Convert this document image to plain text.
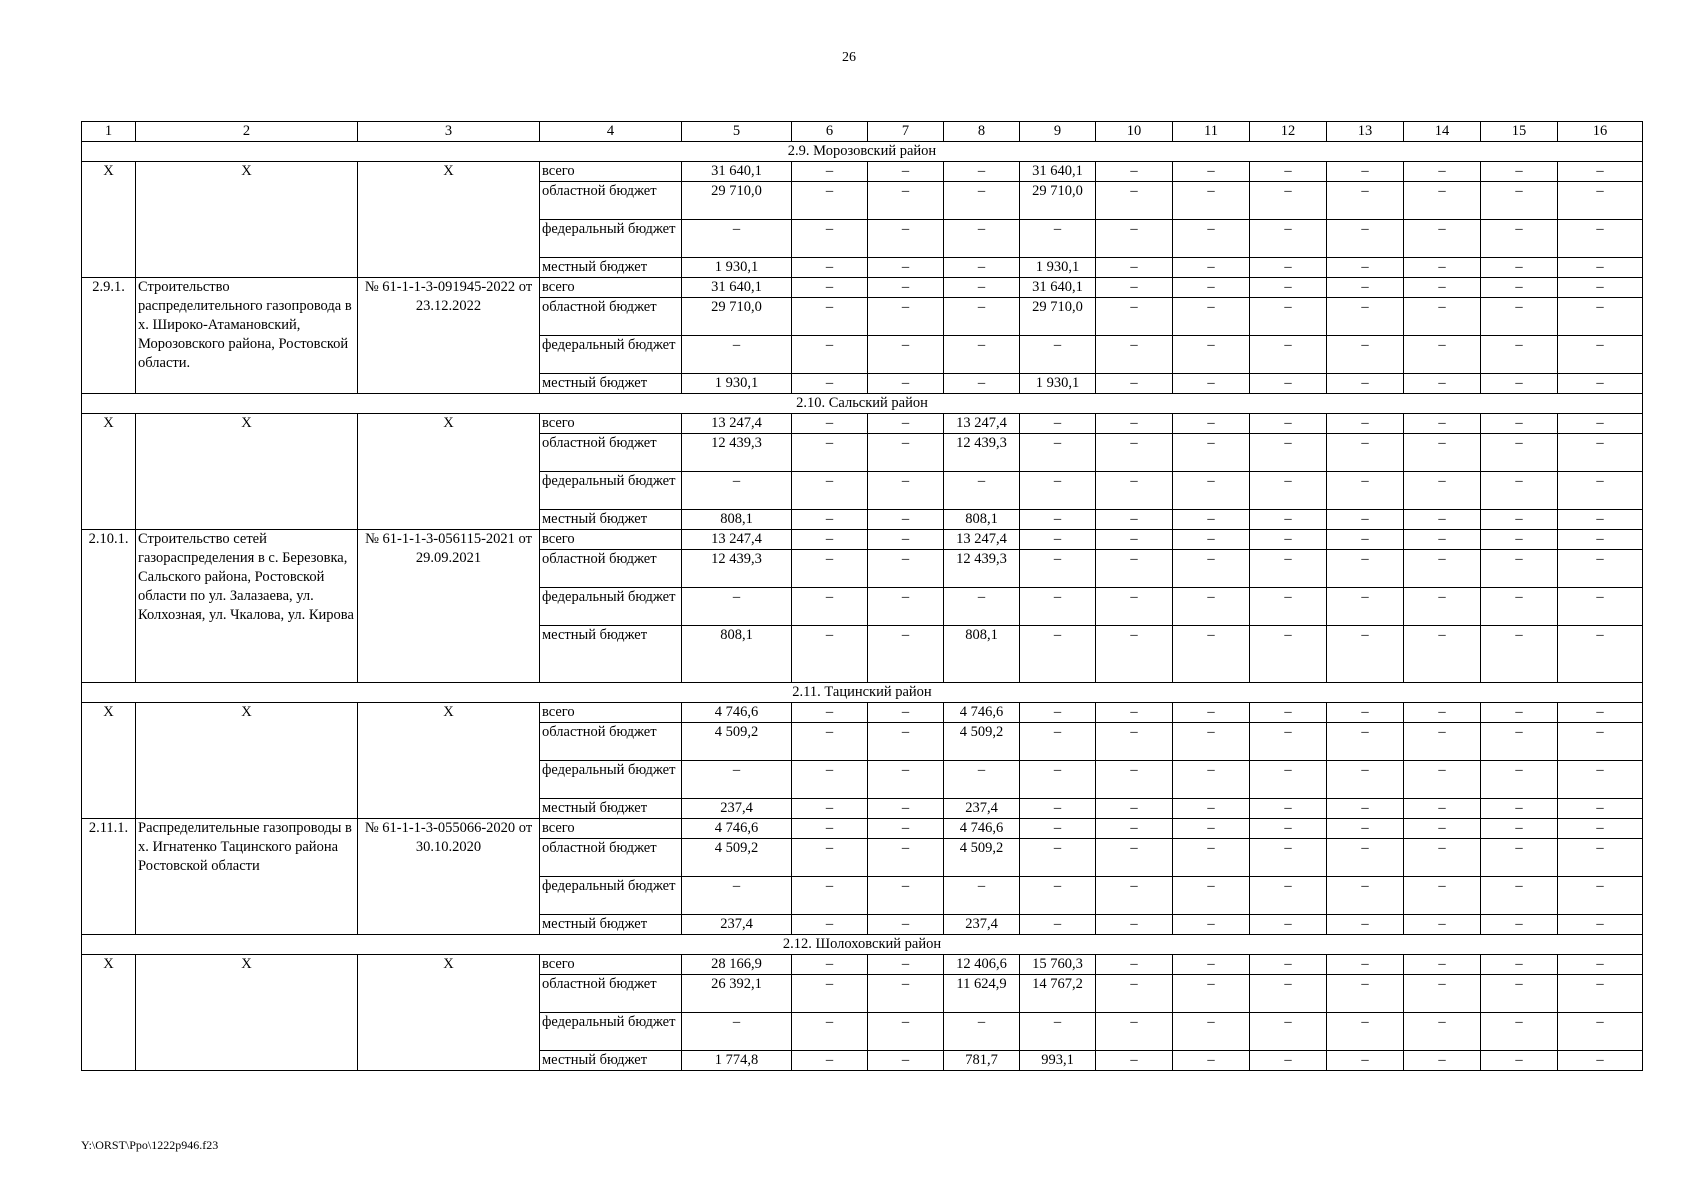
26
1	2	3	4	5	6	7	8	9	10	11	12	13	14	15	16
2.9. Морозовский район															
X	X	X	всего	31 640,1	–	–	–	31 640,1	–	–	–	–	–	–	–
			областной бюджет	29 710,0	–	–	–	29 710,0	–	–	–	–	–	–	–
			федеральный бюджет	–	–	–	–	–	–	–	–	–	–	–	–
			местный бюджет	1 930,1	–	–	–	1 930,1	–	–	–	–	–	–	–
2.9.1.	Строительство распределительного газопровода в х. Широко-Атамановский, Морозовского района, Ростовской области.	№ 61-1-1-3-091945-2022 от 23.12.2022	всего	31 640,1	–	–	–	31 640,1	–	–	–	–	–	–	–
			областной бюджет	29 710,0	–	–	–	29 710,0	–	–	–	–	–	–	–
			федеральный бюджет	–	–	–	–	–	–	–	–	–	–	–	–
			местный бюджет	1 930,1	–	–	–	1 930,1	–	–	–	–	–	–	–
2.10. Сальский район															
X	X	X	всего	13 247,4	–	–	13 247,4	–	–	–	–	–	–	–	–
			областной бюджет	12 439,3	–	–	12 439,3	–	–	–	–	–	–	–	–
			федеральный бюджет	–	–	–	–	–	–	–	–	–	–	–	–
			местный бюджет	808,1	–	–	808,1	–	–	–	–	–	–	–	–
2.10.1.	Строительство сетей газораспределения в с. Березовка, Сальского района, Ростовской области по ул. Залазаева, ул. Колхозная, ул. Чкалова, ул. Кирова	№ 61-1-1-3-056115-2021 от 29.09.2021	всего	13 247,4	–	–	13 247,4	–	–	–	–	–	–	–	–
			областной бюджет	12 439,3	–	–	12 439,3	–	–	–	–	–	–	–	–
			федеральный бюджет	–	–	–	–	–	–	–	–	–	–	–	–
			местный бюджет	808,1	–	–	808,1	–	–	–	–	–	–	–	–
2.11. Тацинский район															
X	X	X	всего	4 746,6	–	–	4 746,6	–	–	–	–	–	–	–	–
			областной бюджет	4 509,2	–	–	4 509,2	–	–	–	–	–	–	–	–
			федеральный бюджет	–	–	–	–	–	–	–	–	–	–	–	–
			местный бюджет	237,4	–	–	237,4	–	–	–	–	–	–	–	–
2.11.1.	Распределительные газопроводы в х. Игнатенко Тацинского района Ростовской области	№ 61-1-1-3-055066-2020 от 30.10.2020	всего	4 746,6	–	–	4 746,6	–	–	–	–	–	–	–	–
			областной бюджет	4 509,2	–	–	4 509,2	–	–	–	–	–	–	–	–
			федеральный бюджет	–	–	–	–	–	–	–	–	–	–	–	–
			местный бюджет	237,4	–	–	237,4	–	–	–	–	–	–	–	–
2.12. Шолоховский район															
X	X	X	всего	28 166,9	–	–	12 406,6	15 760,3	–	–	–	–	–	–	–
			областной бюджет	26 392,1	–	–	11 624,9	14 767,2	–	–	–	–	–	–	–
			федеральный бюджет	–	–	–	–	–	–	–	–	–	–	–	–
			местный бюджет	1 774,8	–	–	781,7	993,1	–	–	–	–	–	–	–
Y:\ORST\Ppo\1222p946.f23
